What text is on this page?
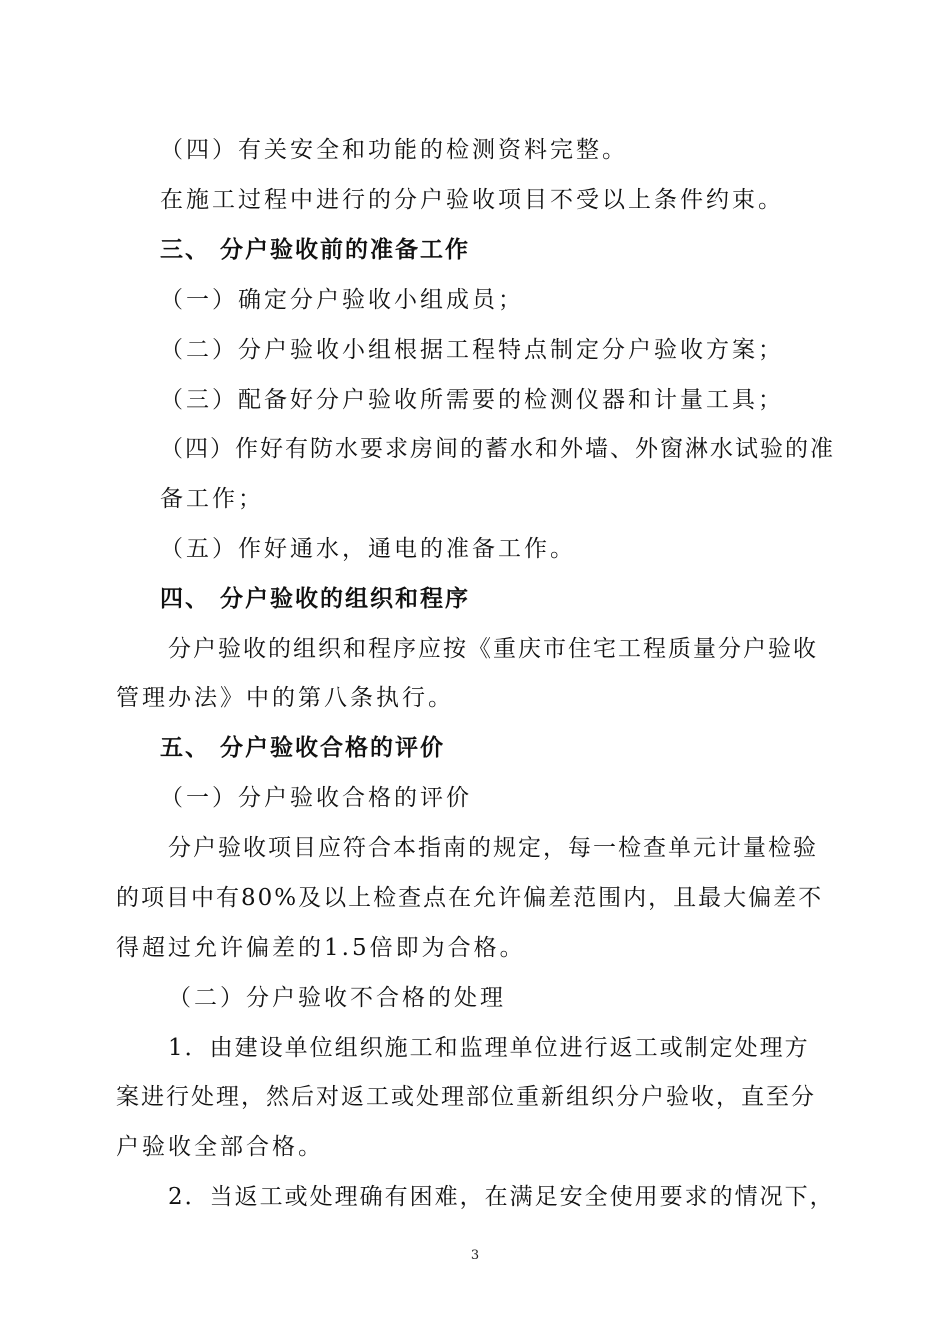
（四）有关安全和功能的检测资料完整。

在施工过程中进行的分户验收项目不受以上条件约束。

三、 分户验收前的准备工作

（一）确定分户验收小组成员；

（二）分户验收小组根据工程特点制定分户验收方案；

（三）配备好分户验收所需要的检测仪器和计量工具；

（四）作好有防水要求房间的蓄水和外墙、外窗淋水试验的准

备工作；

（五）作好通水，通电的准备工作。

四、 分户验收的组织和程序

分户验收的组织和程序应按《重庆市住宅工程质量分户验收

管理办法》中的第八条执行。

五、 分户验收合格的评价

（一）分户验收合格的评价

分户验收项目应符合本指南的规定，每一检查单元计量检验

的项目中有80%及以上检查点在允许偏差范围内，且最大偏差不

得超过允许偏差的1.5倍即为合格。

（二）分户验收不合格的处理

1．由建设单位组织施工和监理单位进行返工或制定处理方

案进行处理，然后对返工或处理部位重新组织分户验收，直至分

户验收全部合格。

2．当返工或处理确有困难，在满足安全使用要求的情况下，

3
